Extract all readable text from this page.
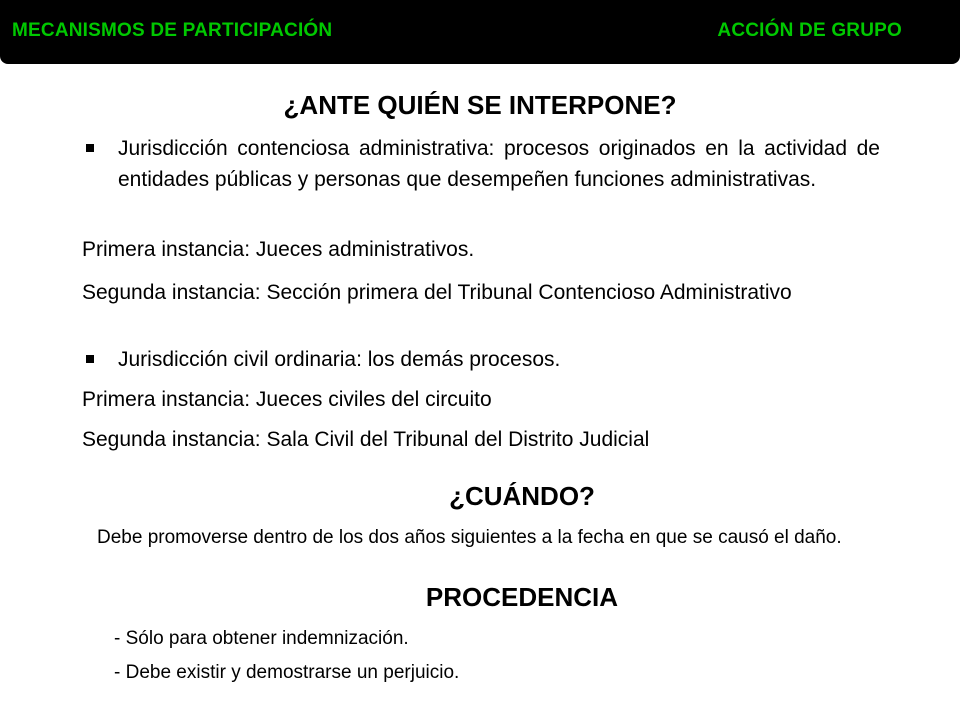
MECANISMOS DE PARTICIPACIÓN	ACCIÓN DE GRUPO
¿ANTE QUIÉN SE INTERPONE?
Jurisdicción contenciosa administrativa: procesos originados en la actividad de entidades públicas y personas que desempeñen funciones administrativas.
Primera instancia: Jueces administrativos.
Segunda instancia: Sección primera del Tribunal Contencioso Administrativo
Jurisdicción civil ordinaria: los demás procesos.
Primera instancia: Jueces civiles del circuito
Segunda instancia: Sala Civil del Tribunal del Distrito Judicial
¿CUÁNDO?
Debe promoverse dentro de los dos años siguientes a la fecha en que se causó el daño.
PROCEDENCIA
- Sólo para obtener indemnización.
- Debe existir y demostrarse un perjuicio.
